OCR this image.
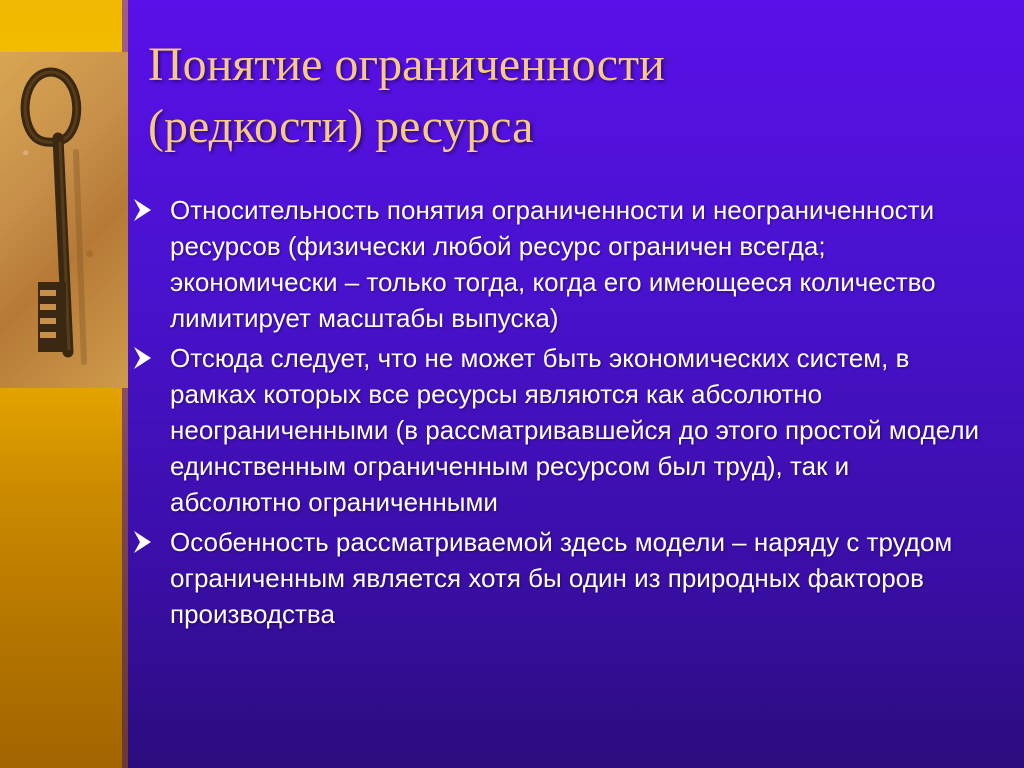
Понятие ограниченности
(редкости) ресурса
Относительность понятия ограниченности и неограниченности ресурсов (физически любой ресурс ограничен всегда; экономически – только тогда, когда его имеющееся количество лимитирует масштабы выпуска)
Отсюда следует, что не может быть экономических систем, в рамках которых все ресурсы являются как абсолютно неограниченными (в рассматривавшейся до этого простой модели единственным ограниченным ресурсом был труд), так и абсолютно ограниченными
Особенность рассматриваемой здесь модели – наряду с трудом ограниченным является хотя бы один из природных факторов производства
